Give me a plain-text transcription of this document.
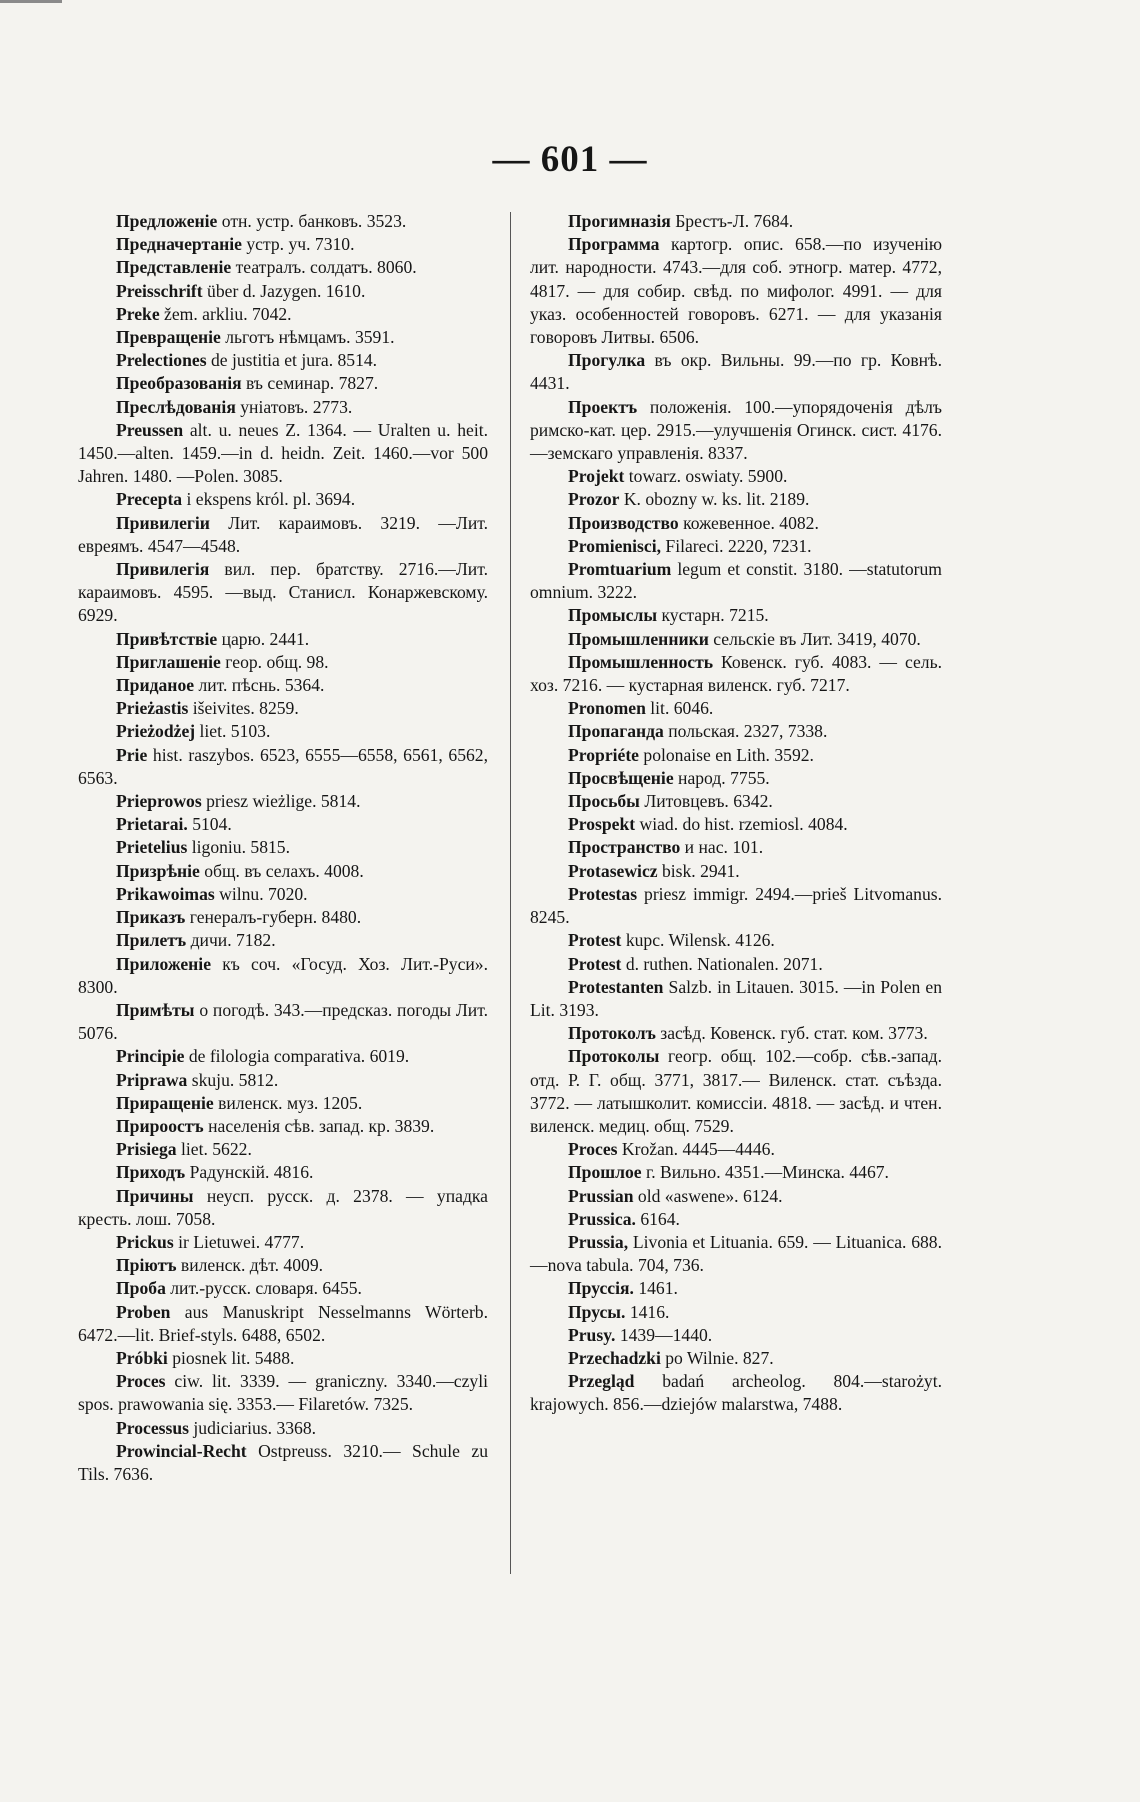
— 601 —

Предложеніе отн. устр. банковъ. 3523.

Предначертаніе устр. уч. 7310.

Представленіе театралъ. солдатъ. 8060.

Preisschrift über d. Jazygen. 1610.

Preke žem. arkliu. 7042.

Превращеніе льготъ нѣмцамъ. 3591.

Prelectiones de justitia et jura. 8514.

Преобразованія въ семинар. 7827.

Преслѣдованія уніатовъ. 2773.

Preussen alt. u. neues Z. 1364. — Uralten u. heit. 1450.—alten. 1459.—in d. heidn. Zeit. 1460.—vor 500 Jahren. 1480. —Polen. 3085.

Precepta i ekspens król. pl. 3694.

Привилегіи Лит. караимовъ. 3219. —Лит. евреямъ. 4547—4548.

Привилегія вил. пер. братству. 2716.—Лит. караимовъ. 4595. —выд. Станисл. Конаржевскому. 6929.

Привѣтствіе царю. 2441.

Приглашеніе геор. общ. 98.

Приданое лит. пѣснь. 5364.

Prieżastis išeivites. 8259.

Prieżodżej liet. 5103.

Prie hist. raszybos. 6523, 6555—6558, 6561, 6562, 6563.

Prieprowos priesz wieżlige. 5814.

Prietarai. 5104.

Prietelius ligoniu. 5815.

Призрѣніе общ. въ селахъ. 4008.

Prikawoimas wilnu. 7020.

Приказъ генералъ-губерн. 8480.

Прилетъ дичи. 7182.

Приложеніе къ соч. «Госуд. Хоз. Лит.-Руси». 8300.

Примѣты о погодѣ. 343.—предсказ. погоды Лит. 5076.

Principie de filologia comparativa. 6019.

Priprawa skuju. 5812.

Приращеніе виленск. муз. 1205.

Прироостъ населенія сѣв. запад. кр. 3839.

Prisiega liet. 5622.

Приходъ Радунскій. 4816.

Причины неусп. русск. д. 2378. — упадка кресть. лош. 7058.

Prickus ir Lietuwei. 4777.

Пріютъ виленск. дѣт. 4009.

Проба лит.-русск. словаря. 6455.

Proben aus Manuskript Nesselmanns Wörterb. 6472.—lit. Brief-styls. 6488, 6502.

Próbki piosnek lit. 5488.

Proces ciw. lit. 3339. — graniczny. 3340.—czyli spos. prawowania się. 3353.— Filaretów. 7325.

Processus judiciarius. 3368.

Prowincial-Recht Ostpreuss. 3210.— Schule zu Tils. 7636.

Прогимназія Брестъ-Л. 7684.

Программа картогр. опис. 658.—по изученію лит. народности. 4743.—для соб. этногр. матер. 4772, 4817. — для собир. свѣд. по мифолог. 4991. — для указ. особенностей говоровъ. 6271. — для указанія говоровъ Литвы. 6506.

Прогулка въ окр. Вильны. 99.—по гр. Ковнѣ. 4431.

Проектъ положенія. 100.—упорядоченія дѣлъ римско-кат. цер. 2915.—улучшенія Огинск. сист. 4176.—земскаго управленія. 8337.

Projekt towarz. oswiaty. 5900.

Prozor K. obozny w. ks. lit. 2189.

Производство кожевенное. 4082.

Promienisci, Filareci. 2220, 7231.

Promtuarium legum et constit. 3180. —statutorum omnium. 3222.

Промыслы кустарн. 7215.

Промышленники сельскіе въ Лит. 3419, 4070.

Промышленность Ковенск. губ. 4083. — сель. хоз. 7216. — кустарная виленск. губ. 7217.

Pronomen lit. 6046.

Пропаганда польская. 2327, 7338.

Propriéte polonaise en Lith. 3592.

Просвѣщеніе народ. 7755.

Просьбы Литовцевъ. 6342.

Prospekt wiad. do hist. rzemiosl. 4084.

Пространство и нас. 101.

Protasewicz bisk. 2941.

Protestas priesz immigr. 2494.—prieš Litvomanus. 8245.

Protest kupc. Wilensk. 4126.

Protest d. ruthen. Nationalen. 2071.

Protestanten Salzb. in Litauen. 3015. —in Polen en Lit. 3193.

Протоколъ засѣд. Ковенск. губ. стат. ком. 3773.

Протоколы геогр. общ. 102.—собр. сѣв.-запад. отд. Р. Г. общ. 3771, 3817.— Виленск. стат. съѣзда. 3772. — латышколит. комиссіи. 4818. — засѣд. и чтен. виленск. медиц. общ. 7529.

Proces Krožan. 4445—4446.

Прошлое г. Вильно. 4351.—Минска. 4467.

Prussian old «aswene». 6124.

Prussica. 6164.

Prussia, Livonia et Lituania. 659. — Lituanica. 688.—nova tabula. 704, 736.

Пруссія. 1461.

Прусы. 1416.

Prusy. 1439—1440.

Przechadzki po Wilnie. 827.

Przegląd badań archeolog. 804.—starożyt. krajowych. 856.—dziejów malarstwa, 7488.
